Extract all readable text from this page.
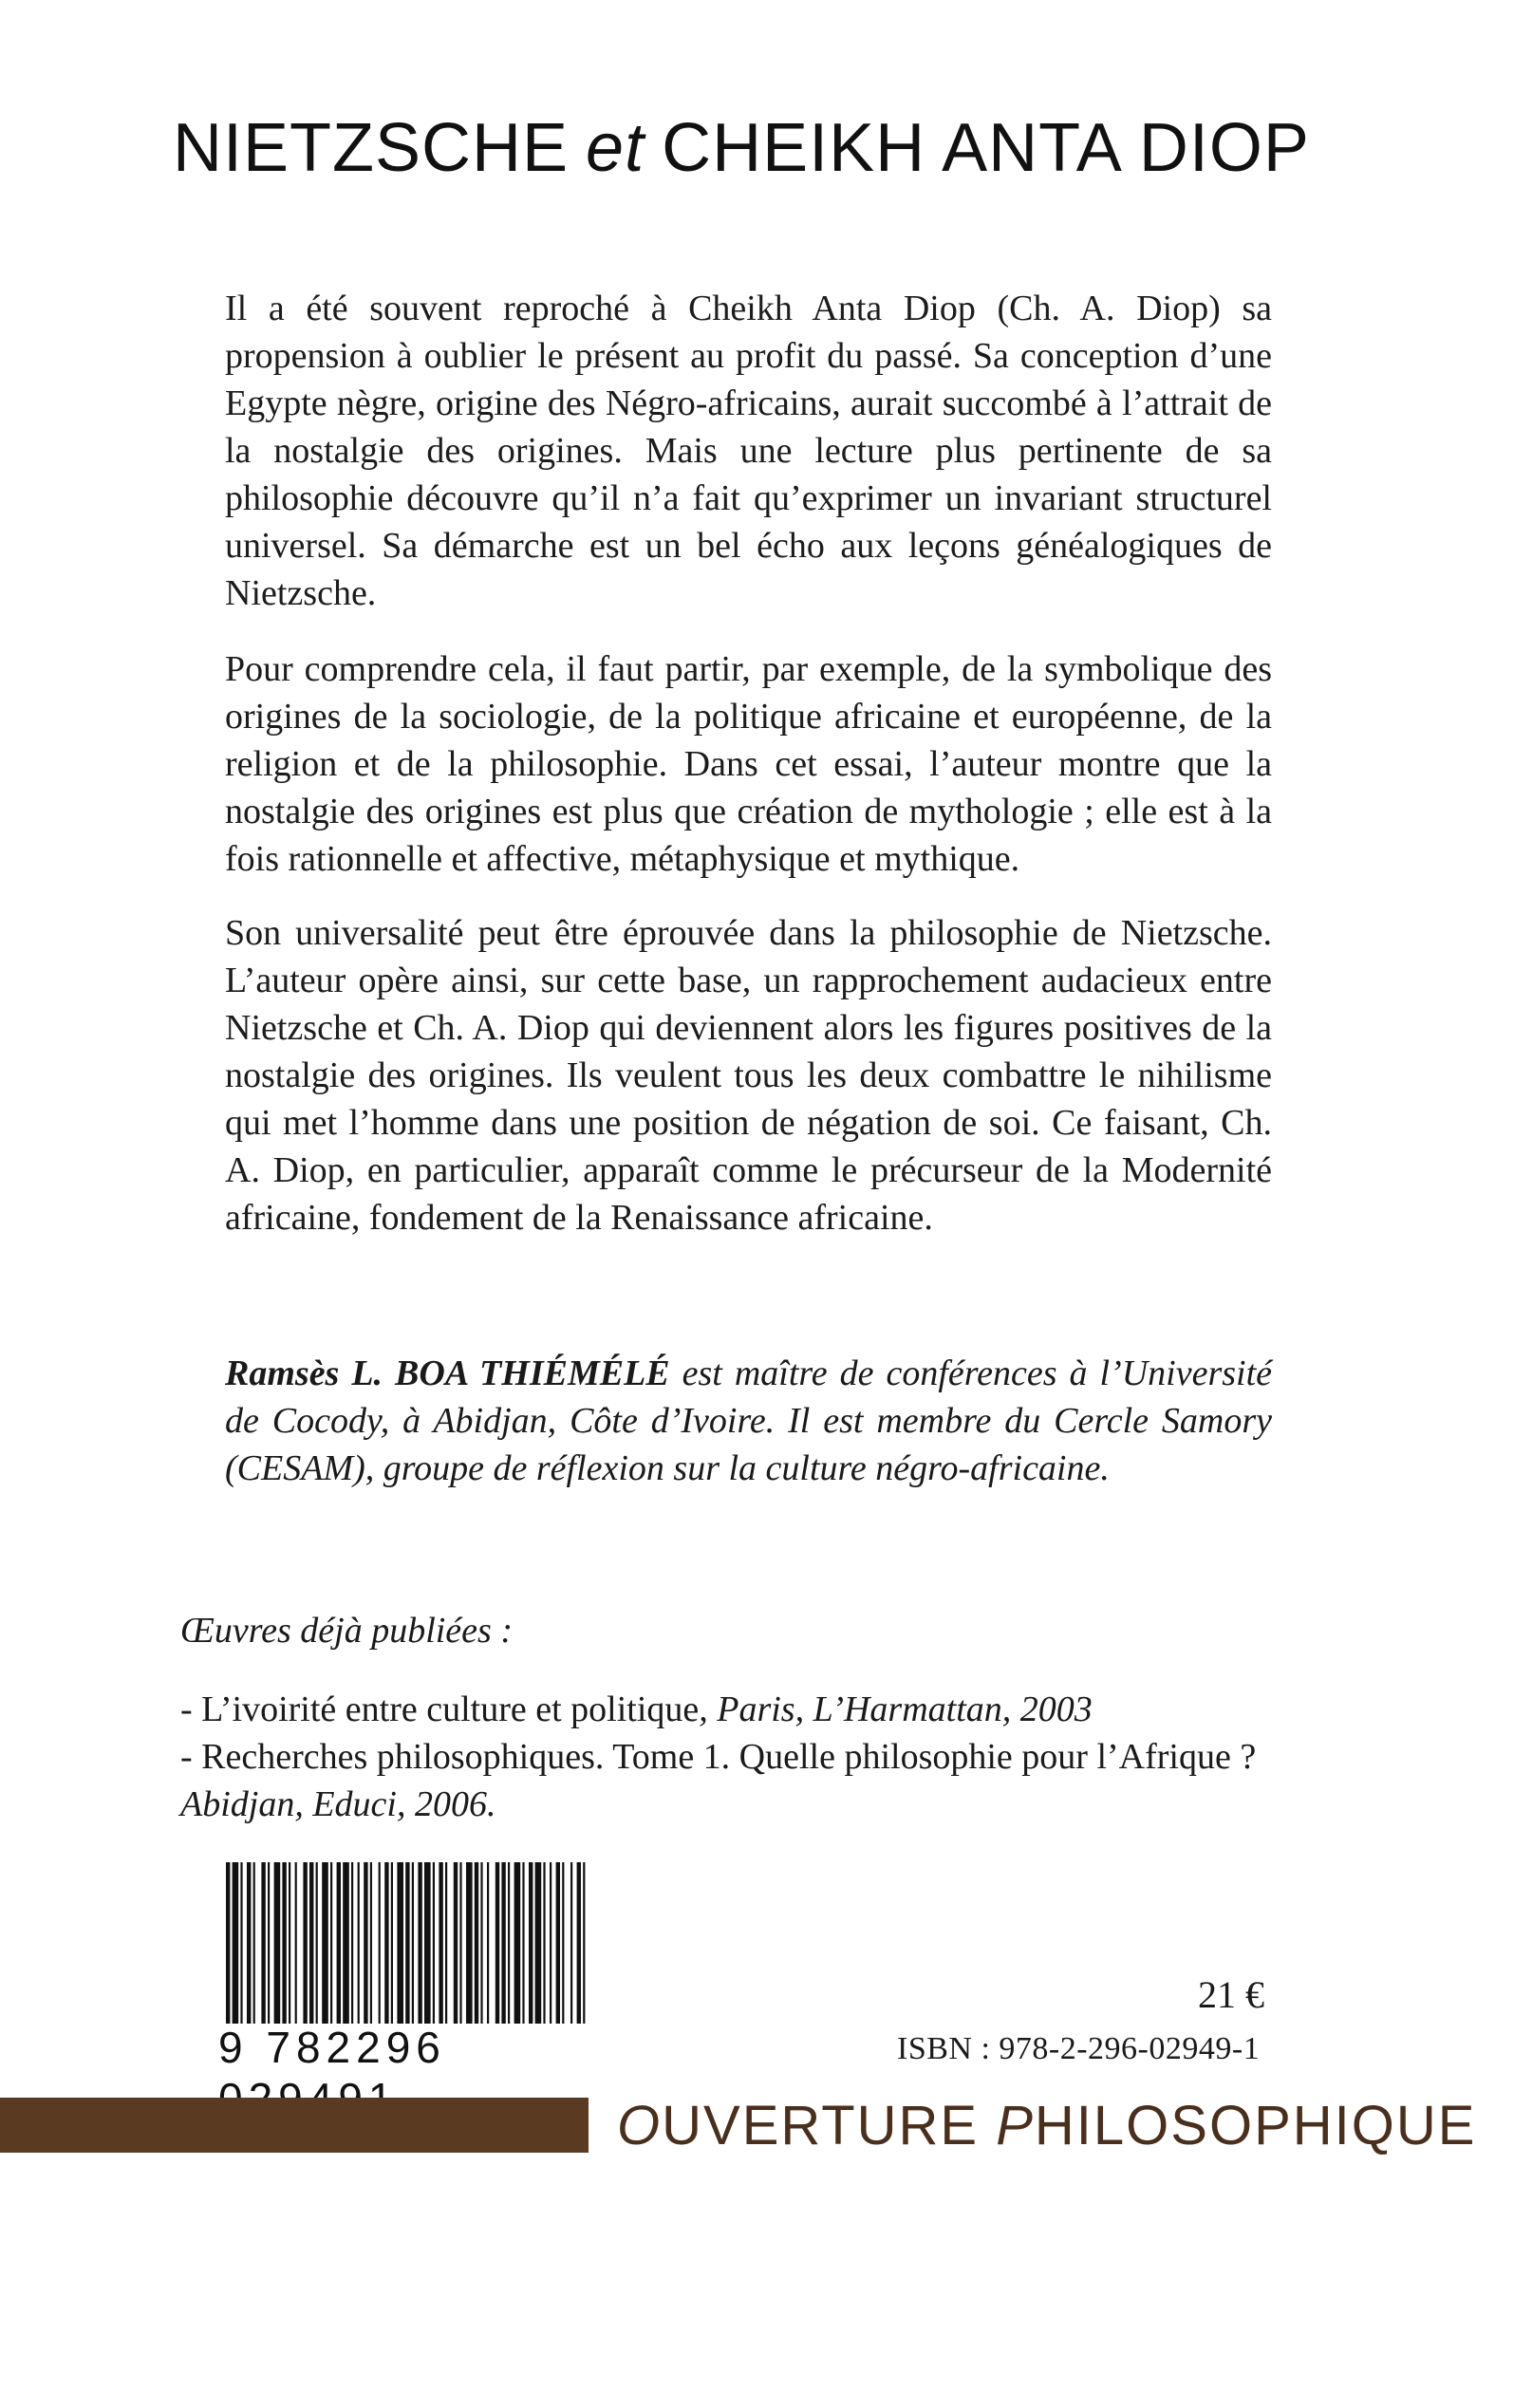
NIETZSCHE et CHEIKH ANTA DIOP

Il a été souvent reproché à Cheikh Anta Diop (Ch. A. Diop) sa propension à oublier le présent au profit du passé. Sa conception d’une Egypte nègre, origine des Négro-africains, aurait succombé à l’attrait de la nostalgie des origines. Mais une lecture plus pertinente de sa philosophie découvre qu’il n’a fait qu’exprimer un invariant structurel universel. Sa démarche est un bel écho aux leçons généalogiques de Nietzsche.

Pour comprendre cela, il faut partir, par exemple, de la symbolique des origines de la sociologie, de la politique africaine et européenne, de la religion et de la philosophie. Dans cet essai, l’auteur montre que la nostalgie des origines est plus que création de mythologie ; elle est à la fois rationnelle et affective, métaphysique et mythique.

Son universalité peut être éprouvée dans la philosophie de Nietzsche. L’auteur opère ainsi, sur cette base, un rapprochement audacieux entre Nietzsche et Ch. A. Diop qui deviennent alors les figures positives de la nostalgie des origines. Ils veulent tous les deux combattre le nihilisme qui met l’homme dans une position de négation de soi. Ce faisant, Ch. A. Diop, en particulier, apparaît comme le précurseur de la Modernité africaine, fondement de la Renaissance africaine.

Ramsès L. BOA THIÉMÉLÉ est maître de conférences à l’Université de Cocody, à Abidjan, Côte d’Ivoire. Il est membre du Cercle Samory (CESAM), groupe de réflexion sur la culture négro-africaine.
Œuvres déjà publiées :
- L’ivoirité entre culture et politique, Paris, L’Harmattan, 2003
- Recherches philosophiques. Tome 1. Quelle philosophie pour l’Afrique ?
Abidjan, Educi, 2006.
9 782296
21 €
ISBN : 978-2-296-02949-1
OUVERTURE PHILOSOPHIQUE
